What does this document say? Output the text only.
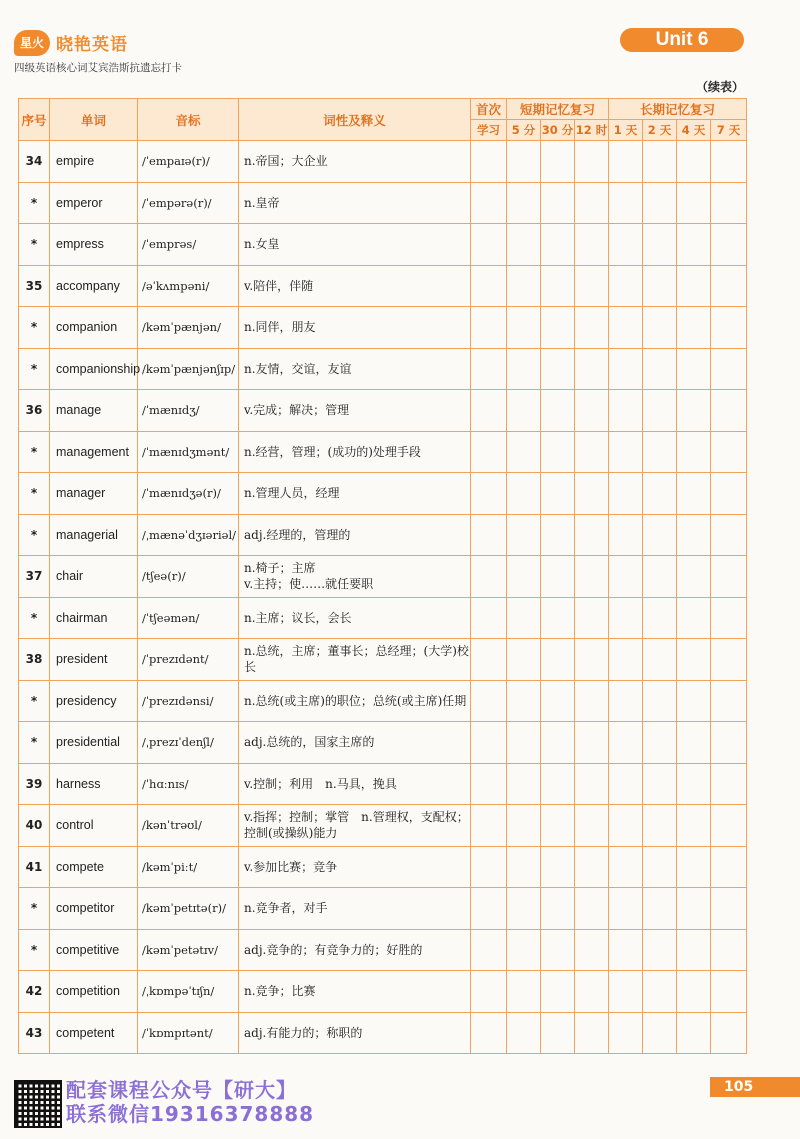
星火 晓艳英语
四级英语核心词艾宾浩斯抗遗忘打卡
Unit 6
（续表）
序号	单词	音标	词性及释义	首次	短期记忆复习			长期记忆复习			
				学习	5 分	30 分	12 时	1 天	2 天	4 天	7 天
34	empire	/ˈempaɪə(r)/	n.帝国；大企业								
*	emperor	/ˈempərə(r)/	n.皇帝								
*	empress	/ˈemprəs/	n.女皇								
35	accompany	/əˈkʌmpəni/	v.陪伴，伴随								
*	companion	/kəmˈpænjən/	n.同伴，朋友								
*	companionship	/kəmˈpænjənʃɪp/	n.友情，交谊，友谊								
36	manage	/ˈmænɪdʒ/	v.完成；解决；管理								
*	management	/ˈmænɪdʒmənt/	n.经营，管理；(成功的)处理手段								
*	manager	/ˈmænɪdʒə(r)/	n.管理人员，经理								
*	managerial	/ˌmænəˈdʒɪəriəl/	adj.经理的，管理的								
37	chair	/tʃeə(r)/	n.椅子；主席
v.主持；使……就任要职								
*	chairman	/ˈtʃeəmən/	n.主席；议长，会长								
38	president	/ˈprezɪdənt/	n.总统，主席；董事长；总经理；(大学)校长								
*	presidency	/ˈprezɪdənsi/	n.总统(或主席)的职位；总统(或主席)任期								
*	presidential	/ˌprezɪˈdenʃl/	adj.总统的，国家主席的								
39	harness	/ˈhɑːnɪs/	v.控制；利用　n.马具，挽具								
40	control	/kənˈtrəʊl/	v.指挥；控制；掌管　n.管理权，支配权；控制(或操纵)能力								
41	compete	/kəmˈpiːt/	v.参加比赛；竞争								
*	competitor	/kəmˈpetɪtə(r)/	n.竞争者，对手								
*	competitive	/kəmˈpetətɪv/	adj.竞争的；有竞争力的；好胜的								
42	competition	/ˌkɒmpəˈtɪʃn/	n.竞争；比赛								
43	competent	/ˈkɒmpɪtənt/	adj.有能力的；称职的								
配套课程公众号【研大】
联系微信19316378888
105
